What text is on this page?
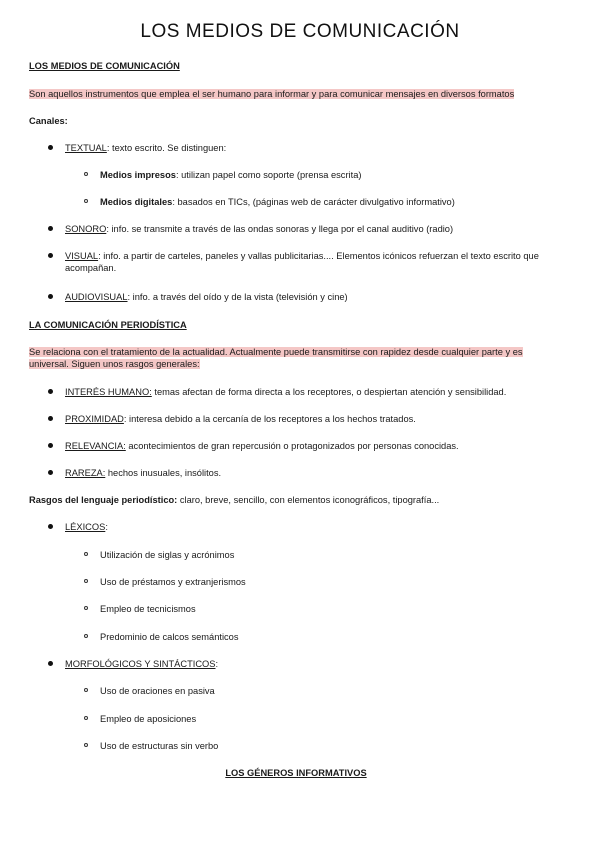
LOS MEDIOS DE COMUNICACIÓN
LOS MEDIOS DE COMUNICACIÓN
Son aquellos instrumentos que emplea el ser humano para informar y para comunicar mensajes en diversos formatos
Canales:
TEXTUAL: texto escrito. Se distinguen:
Medios impresos: utilizan papel como soporte (prensa escrita)
Medios digitales: basados en TICs, (páginas web de carácter divulgativo informativo)
SONORO: info. se transmite a través de las ondas sonoras y llega por el canal auditivo (radio)
VISUAL: info. a partir de carteles, paneles y vallas publicitarias.... Elementos icónicos refuerzan el texto escrito que acompañan.
AUDIOVISUAL: info. a través del oído y de la vista (televisión y cine)
LA COMUNICACIÓN PERIODÍSTICA
Se relaciona con el tratamiento de la actualidad. Actualmente puede transmitirse con rapidez desde cualquier parte y es universal. Siguen unos rasgos generales:
INTERÉS HUMANO: temas afectan de forma directa a los receptores, o despiertan atención y sensibilidad.
PROXIMIDAD: interesa debido a la cercanía de los receptores a los hechos tratados.
RELEVANCIA: acontecimientos de gran repercusión o protagonizados por personas conocidas.
RAREZA: hechos inusuales, insólitos.
Rasgos del lenguaje periodístico: claro, breve, sencillo, con elementos iconográficos, tipografía...
LÉXICOS:
Utilización de siglas y acrónimos
Uso de préstamos y extranjerismos
Empleo de tecnicismos
Predominio de calcos semánticos
MORFOLÓGICOS Y SINTÁCTICOS:
Uso de oraciones en pasiva
Empleo de aposiciones
Uso de estructuras sin verbo
LOS GÉNEROS INFORMATIVOS
